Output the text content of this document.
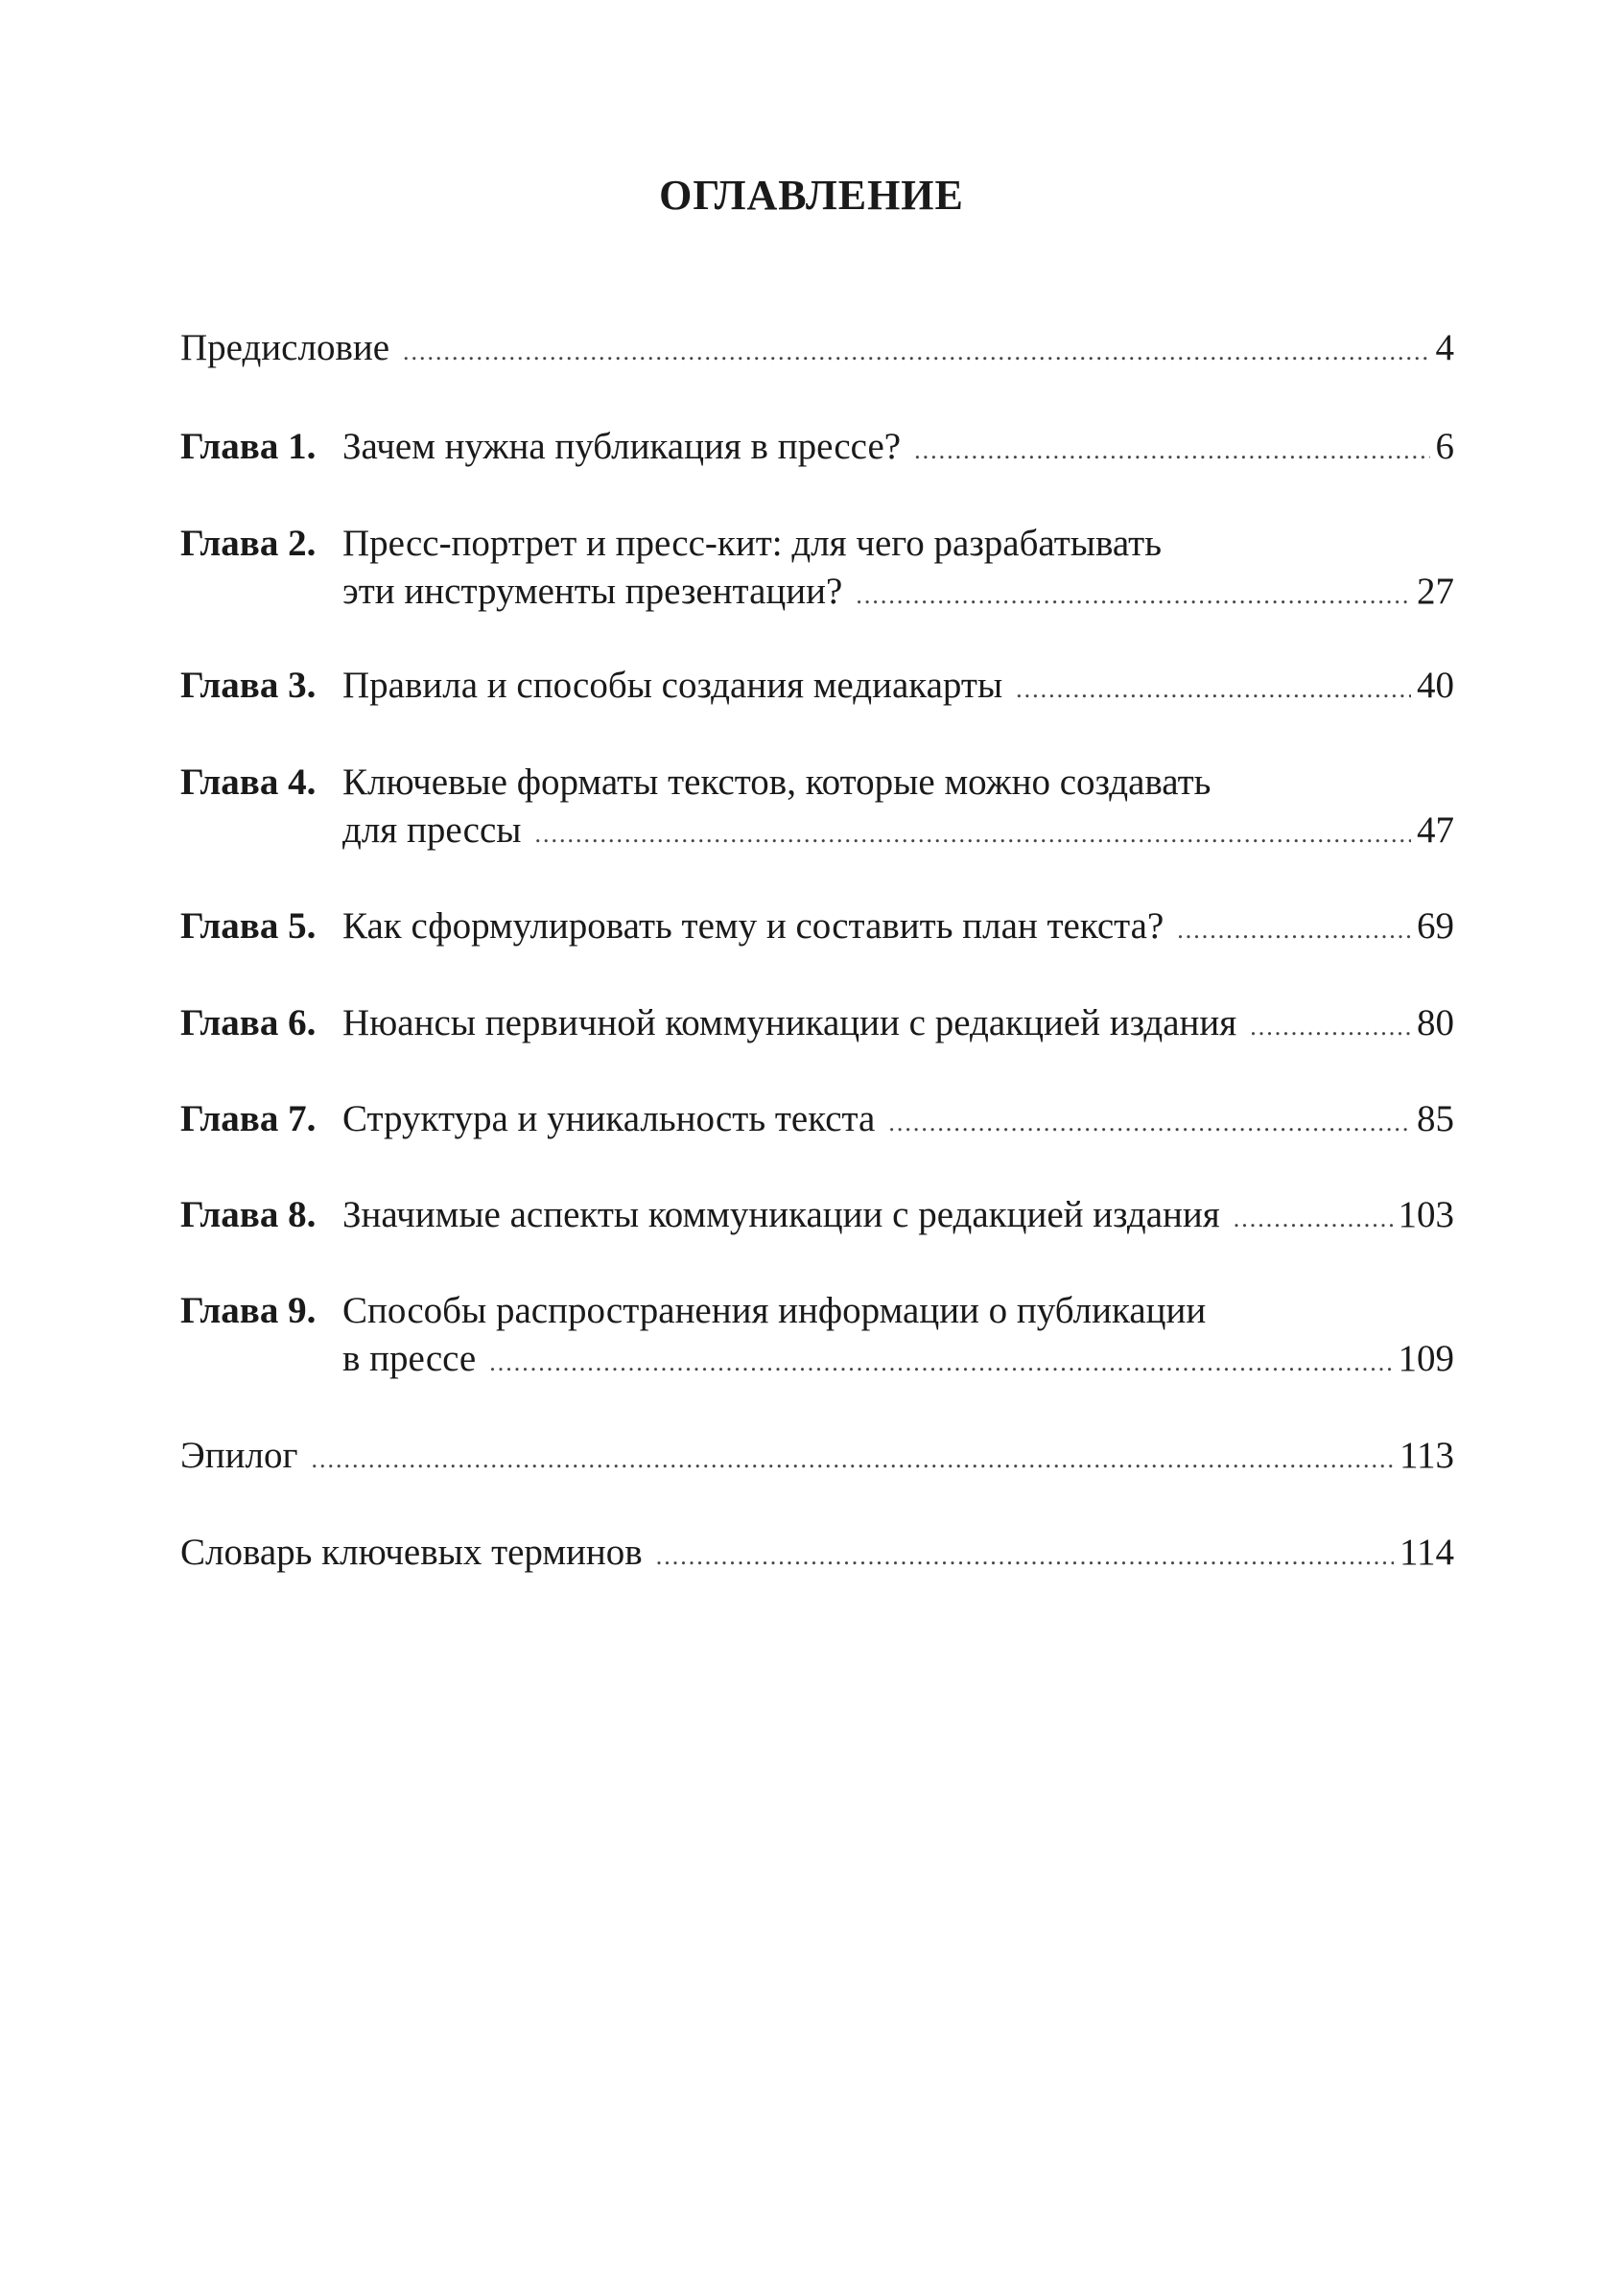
ОГЛАВЛЕНИЕ
Предисловие .....	4
Глава 1. Зачем нужна публикация в прессе? .....	6
Глава 2. Пресс-портрет и пресс-кит: для чего разрабатывать
эти инструменты презентации? .....	27
Глава 3. Правила и способы создания медиакарты .....	40
Глава 4. Ключевые форматы текстов, которые можно создавать
для прессы .....	47
Глава 5. Как сформулировать тему и составить план текста? .....	69
Глава 6. Нюансы первичной коммуникации с редакцией издания .....	80
Глава 7. Структура и уникальность текста .....	85
Глава 8. Значимые аспекты коммуникации с редакцией издания .....	103
Глава 9. Способы распространения информации о публикации
в прессе .....	109
Эпилог .....	113
Словарь ключевых терминов .....	114
